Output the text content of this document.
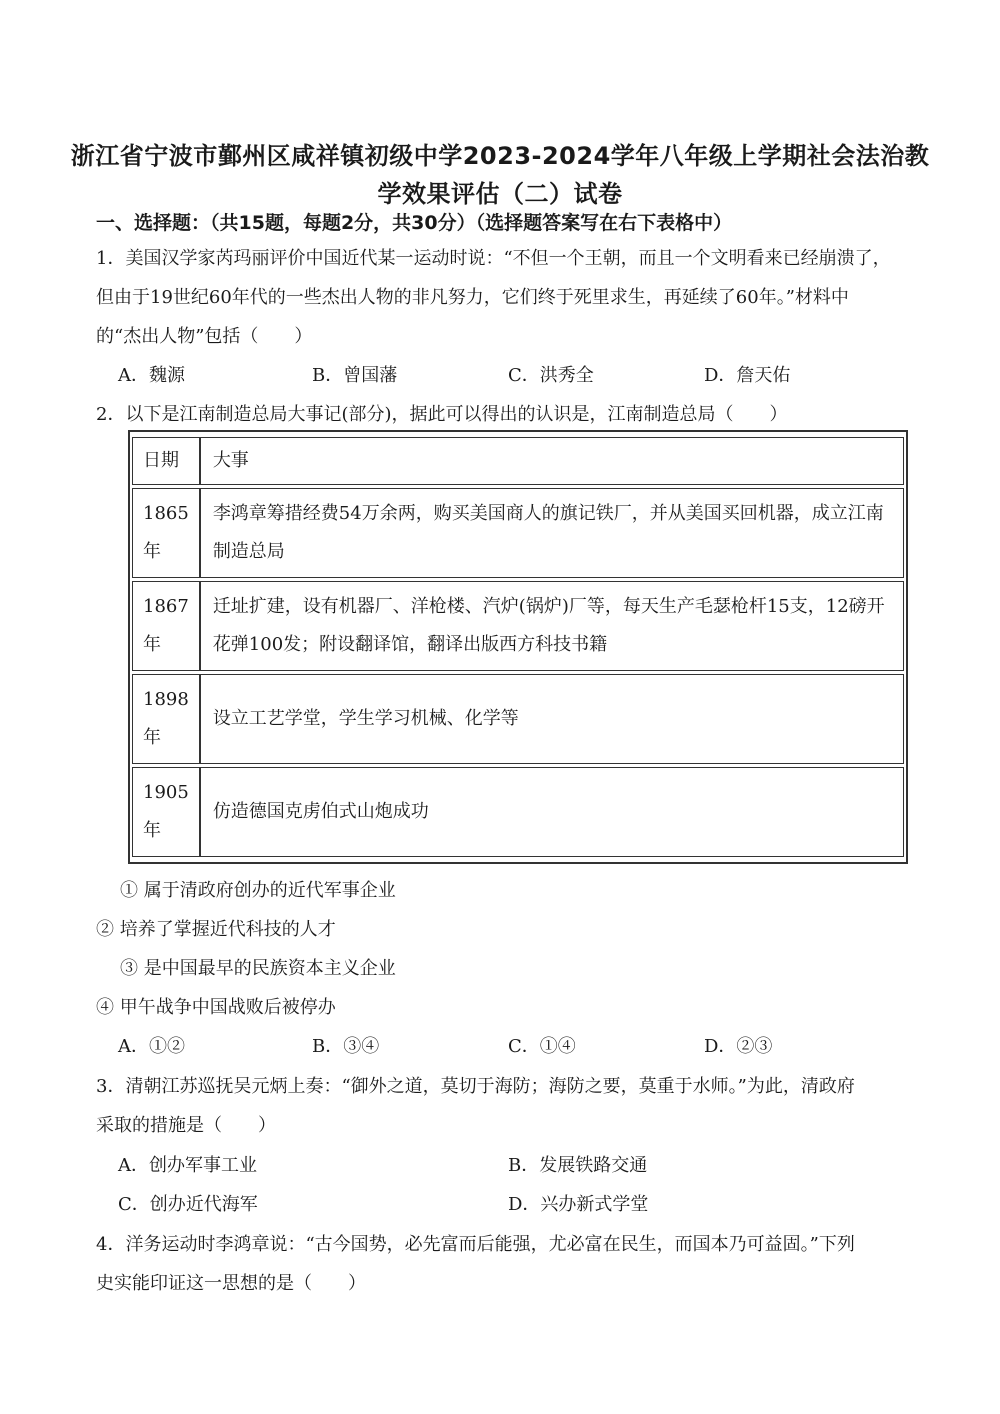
浙江省宁波市鄞州区咸祥镇初级中学2023-2024学年八年级上学期社会法治教
学效果评估（二）试卷
一、选择题：（共15题，每题2分，共30分）（选择题答案写在右下表格中）
1．美国汉学家芮玛丽评价中国近代某一运动时说：“不但一个王朝，而且一个文明看来已经崩溃了，
但由于19世纪60年代的一些杰出人物的非凡努力，它们终于死里求生，再延续了60年。”材料中
的“杰出人物”包括（　　）
A．魏源	B．曾国藩	C．洪秀全	D．詹天佑
2．以下是江南制造总局大事记(部分)，据此可以得出的认识是，江南制造总局（　　）
日期	大事
1865年	李鸿章筹措经费54万余两，购买美国商人的旗记铁厂，并从美国买回机器，成立江南制造总局
1867年	迁址扩建，设有机器厂、洋枪楼、汽炉(锅炉)厂等，每天生产毛瑟枪杆15支，12磅开花弹100发；附设翻译馆，翻译出版西方科技书籍
1898年	设立工艺学堂，学生学习机械、化学等
1905年	仿造德国克虏伯式山炮成功
① 属于清政府创办的近代军事企业
② 培养了掌握近代科技的人才
③ 是中国最早的民族资本主义企业
④ 甲午战争中国战败后被停办
A．①②	B．③④	C．①④	D．②③
3．清朝江苏巡抚吴元炳上奏：“御外之道，莫切于海防；海防之要，莫重于水师。”为此，清政府
采取的措施是（　　）
A．创办军事工业	B．发展铁路交通
C．创办近代海军	D．兴办新式学堂
4．洋务运动时李鸿章说：“古今国势，必先富而后能强，尤必富在民生，而国本乃可益固。”下列
史实能印证这一思想的是（　　）
